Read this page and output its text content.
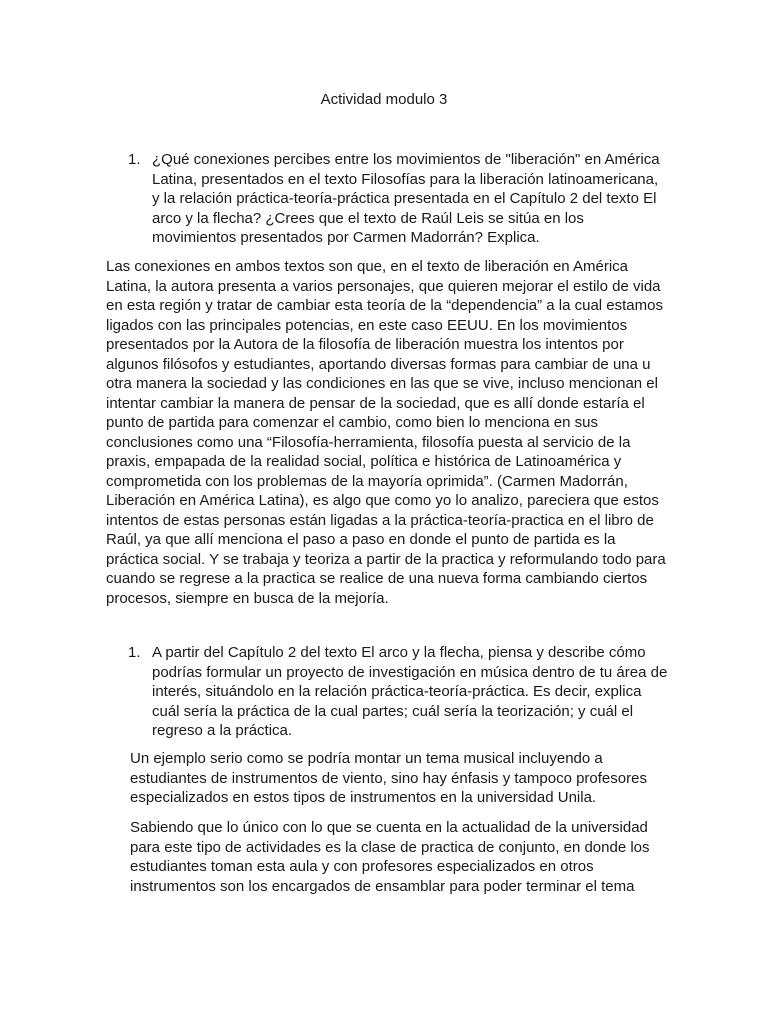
Actividad modulo 3
1. ¿Qué conexiones percibes entre los movimientos de "liberación" en América Latina, presentados en el texto Filosofías para la liberación latinoamericana, y la relación práctica-teoría-práctica presentada en el Capítulo 2 del texto El arco y la flecha? ¿Crees que el texto de Raúl Leis se sitúa en los movimientos presentados por Carmen Madorrán? Explica.

Las conexiones en ambos textos son que, en el texto de liberación en América Latina, la autora presenta a varios personajes, que quieren mejorar el estilo de vida en esta región y tratar de cambiar esta teoría de la “dependencia” a la cual estamos ligados con las principales potencias, en este caso EEUU. En los movimientos presentados por la Autora de la filosofía de liberación muestra los intentos por algunos filósofos y estudiantes, aportando diversas formas para cambiar de una u otra manera la sociedad y las condiciones en las que se vive, incluso mencionan el intentar cambiar la manera de pensar de la sociedad, que es allí donde estaría el punto de partida para comenzar el cambio, como bien lo menciona en sus conclusiones como una “Filosofía-herramienta, filosofía puesta al servicio de la praxis, empapada de la realidad social, política e histórica de Latinoamérica y comprometida con los problemas de la mayoría oprimida”. (Carmen Madorrán, Liberación en América Latina), es algo que como yo lo analizo, pareciera que estos intentos de estas personas están ligadas a la práctica-teoría-practica en el libro de Raúl, ya que allí menciona el paso a paso en donde el punto de partida es la práctica social. Y se trabaja y teoriza a partir de la practica y reformulando todo para cuando se regrese a la practica se realice de una nueva forma cambiando ciertos procesos, siempre en busca de la mejoría.

1. A partir del Capítulo 2 del texto El arco y la flecha, piensa y describe cómo podrías formular un proyecto de investigación en música dentro de tu área de interés, situándolo en la relación práctica-teoría-práctica. Es decir, explica cuál sería la práctica de la cual partes; cuál sería la teorización; y cuál el regreso a la práctica.

Un ejemplo serio como se podría montar un tema musical incluyendo a estudiantes de instrumentos de viento, sino hay énfasis y tampoco profesores especializados en estos tipos de instrumentos en la universidad Unila.

Sabiendo que lo único con lo que se cuenta en la actualidad de la universidad para este tipo de actividades es la clase de practica de conjunto, en donde los estudiantes toman esta aula y con profesores especializados en otros instrumentos son los encargados de ensamblar para poder terminar el tema
